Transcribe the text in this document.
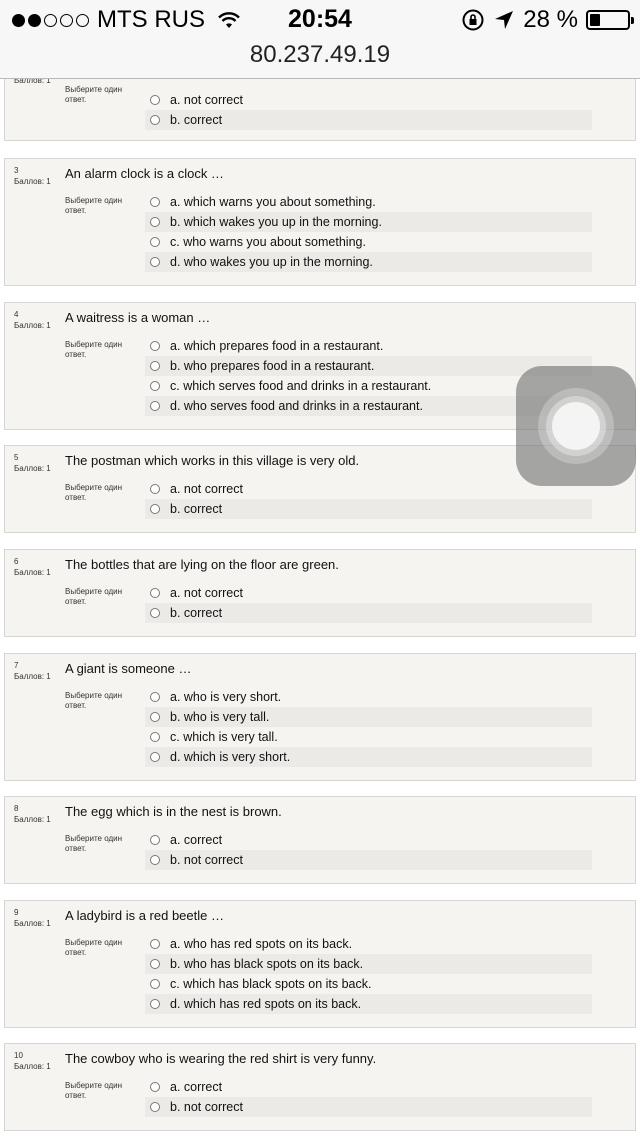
MTS RUS	20:54	28 %
80.237.49.19
Баллов: 1
Выберите один ответ.	a. not correct
b. correct
3
Баллов: 1
An alarm clock is a clock …
Выберите один ответ.
a. which warns you about something.
b. which wakes you up in the morning.
c. who warns you about something.
d. who wakes you up in the morning.
4
Баллов: 1
A waitress is a woman …
Выберите один ответ.
a. which prepares food in a restaurant.
b. who prepares food in a restaurant.
c. which serves food and drinks in a restaurant.
d. who serves food and drinks in a restaurant.
5
Баллов: 1
The postman which works in this village is very old.
Выберите один ответ.
a. not correct
b. correct
6
Баллов: 1
The bottles that are lying on the floor are green.
Выберите один ответ.
a. not correct
b. correct
7
Баллов: 1
A giant is someone …
Выберите один ответ.
a. who is very short.
b. who is very tall.
c. which is very tall.
d. which is very short.
8
Баллов: 1
The egg which is in the nest is brown.
Выберите один ответ.
a. correct
b. not correct
9
Баллов: 1
A ladybird is a red beetle …
Выберите один ответ.
a. who has red spots on its back.
b. who has black spots on its back.
c. which has black spots on its back.
d. which has red spots on its back.
10
Баллов: 1
The cowboy who is wearing the red shirt is very funny.
Выберите один ответ.
a. correct
b. not correct
